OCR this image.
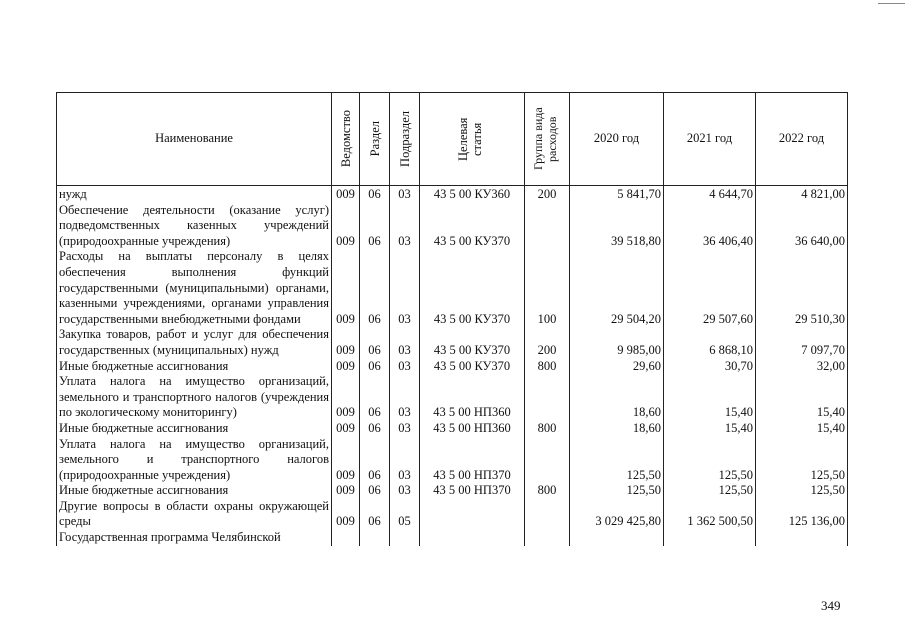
Наименование	Ведомство	Раздел	Подраздел	Целевая статья	Группа вида расходов	2020 год	2021 год	2022 год
нужд	009	06	03	43 5 00 КУ360	200	5 841,70	4 644,70	4 821,00
Обеспечение деятельности (оказание услуг) подведомственных казенных учреждений (природоохранные учреждения)	009	06	03	43 5 00 КУ370		39 518,80	36 406,40	36 640,00
Расходы на выплаты персоналу в целях обеспечения выполнения функций государственными (муниципальными) органами, казенными учреждениями, органами управления государственными внебюджетными фондами	009	06	03	43 5 00 КУ370	100	29 504,20	29 507,60	29 510,30
Закупка товаров, работ и услуг для обеспечения государственных (муниципальных) нужд	009	06	03	43 5 00 КУ370	200	9 985,00	6 868,10	7 097,70
Иные бюджетные ассигнования	009	06	03	43 5 00 КУ370	800	29,60	30,70	32,00
Уплата налога на имущество организаций, земельного и транспортного налогов (учреждения по экологическому мониторингу)	009	06	03	43 5 00 НП360		18,60	15,40	15,40
Иные бюджетные ассигнования	009	06	03	43 5 00 НП360	800	18,60	15,40	15,40
Уплата налога на имущество организаций, земельного и транспортного налогов (природоохранные учреждения)	009	06	03	43 5 00 НП370		125,50	125,50	125,50
Иные бюджетные ассигнования	009	06	03	43 5 00 НП370	800	125,50	125,50	125,50
Другие вопросы в области охраны окружающей среды	009	06	05			3 029 425,80	1 362 500,50	125 136,00
Государственная программа Челябинской								
349
